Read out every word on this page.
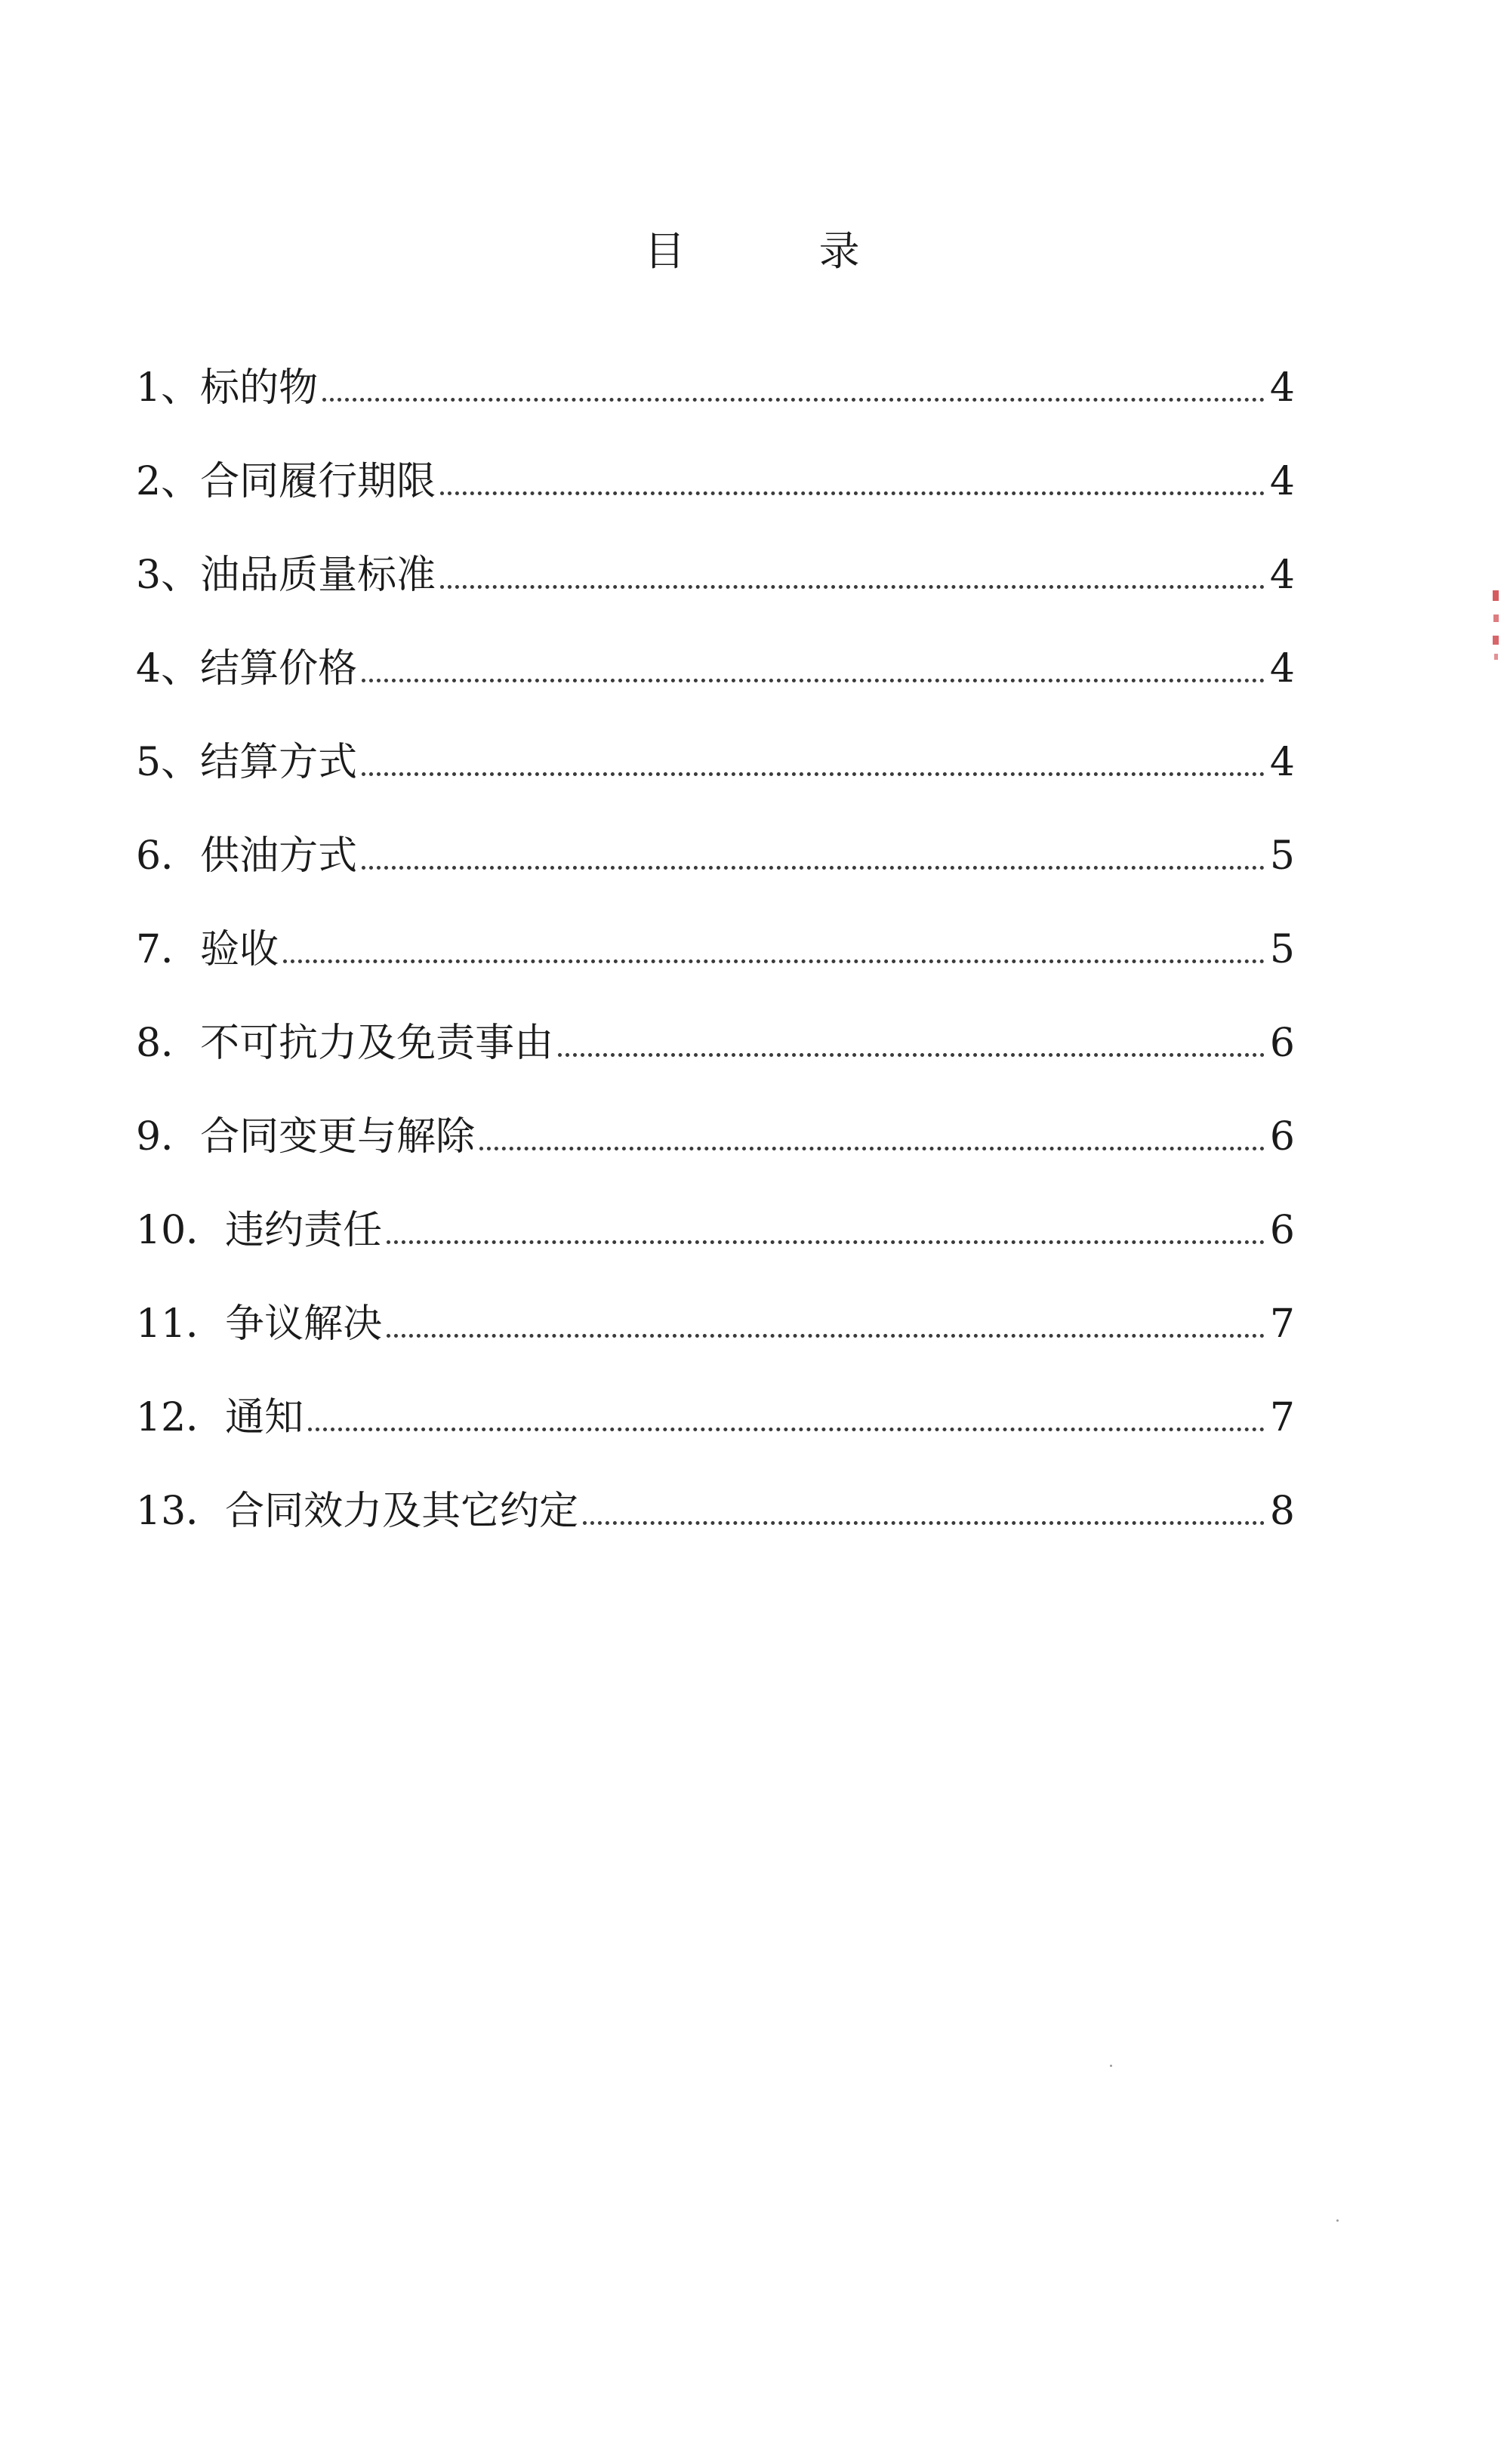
目 录
1、 标的物	4
2、 合同履行期限	4
3、 油品质量标准	4
4、 结算价格	4
5、 结算方式	4
6． 供油方式	5
7． 验收	5
8． 不可抗力及免责事由	6
9． 合同变更与解除	6
10． 违约责任	6
11． 争议解决	7
12． 通知	7
13． 合同效力及其它约定	8
